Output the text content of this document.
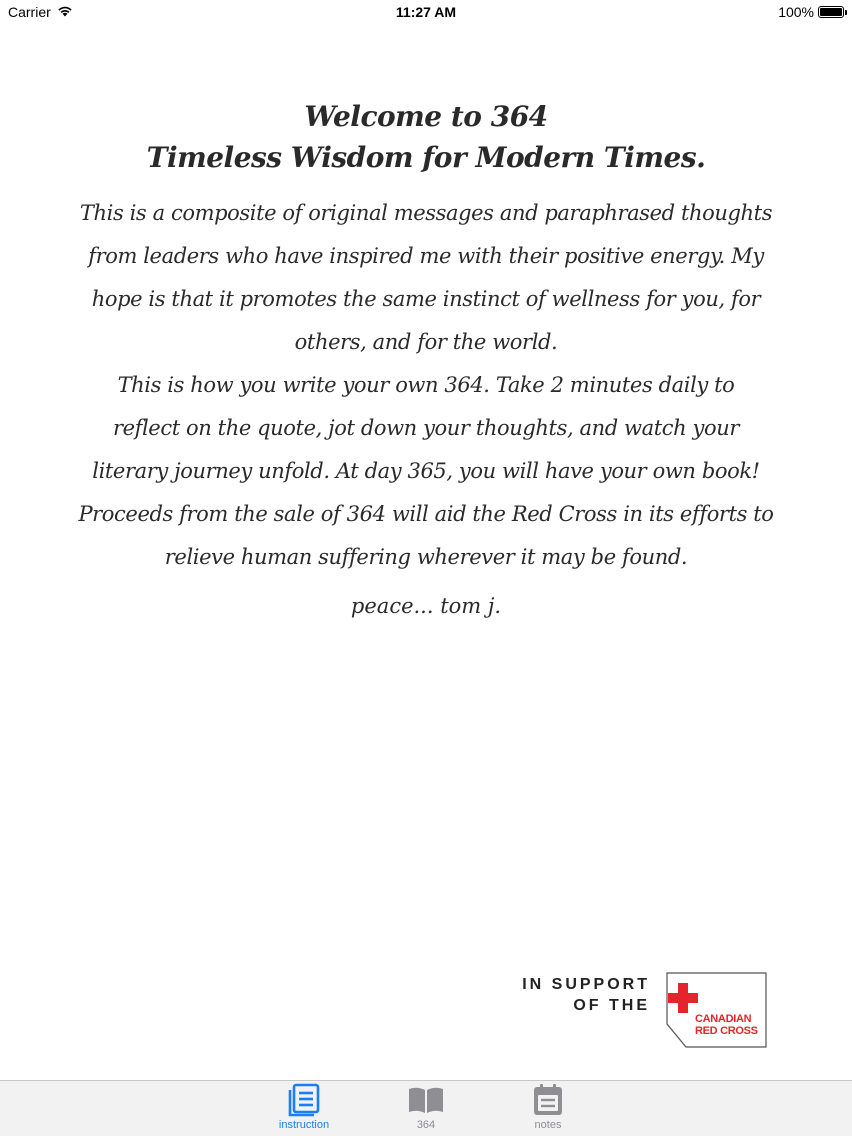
Carrier	11:27 AM	100%
Welcome to 364
Timeless Wisdom for Modern Times.
This is a composite of original messages and paraphrased thoughts
from leaders who have inspired me with their positive energy. My
hope is that it promotes the same instinct of wellness for you, for
others, and for the world.
This is how you write your own 364. Take 2 minutes daily to
reflect on the quote, jot down your thoughts, and watch your
literary journey unfold. At day 365, you will have your own book!
Proceeds from the sale of 364 will aid the Red Cross in its efforts to
relieve human suffering wherever it may be found.
peace... tom j.
IN SUPPORT
OF THE
CANADIAN
RED CROSS
instruction	364	notes
